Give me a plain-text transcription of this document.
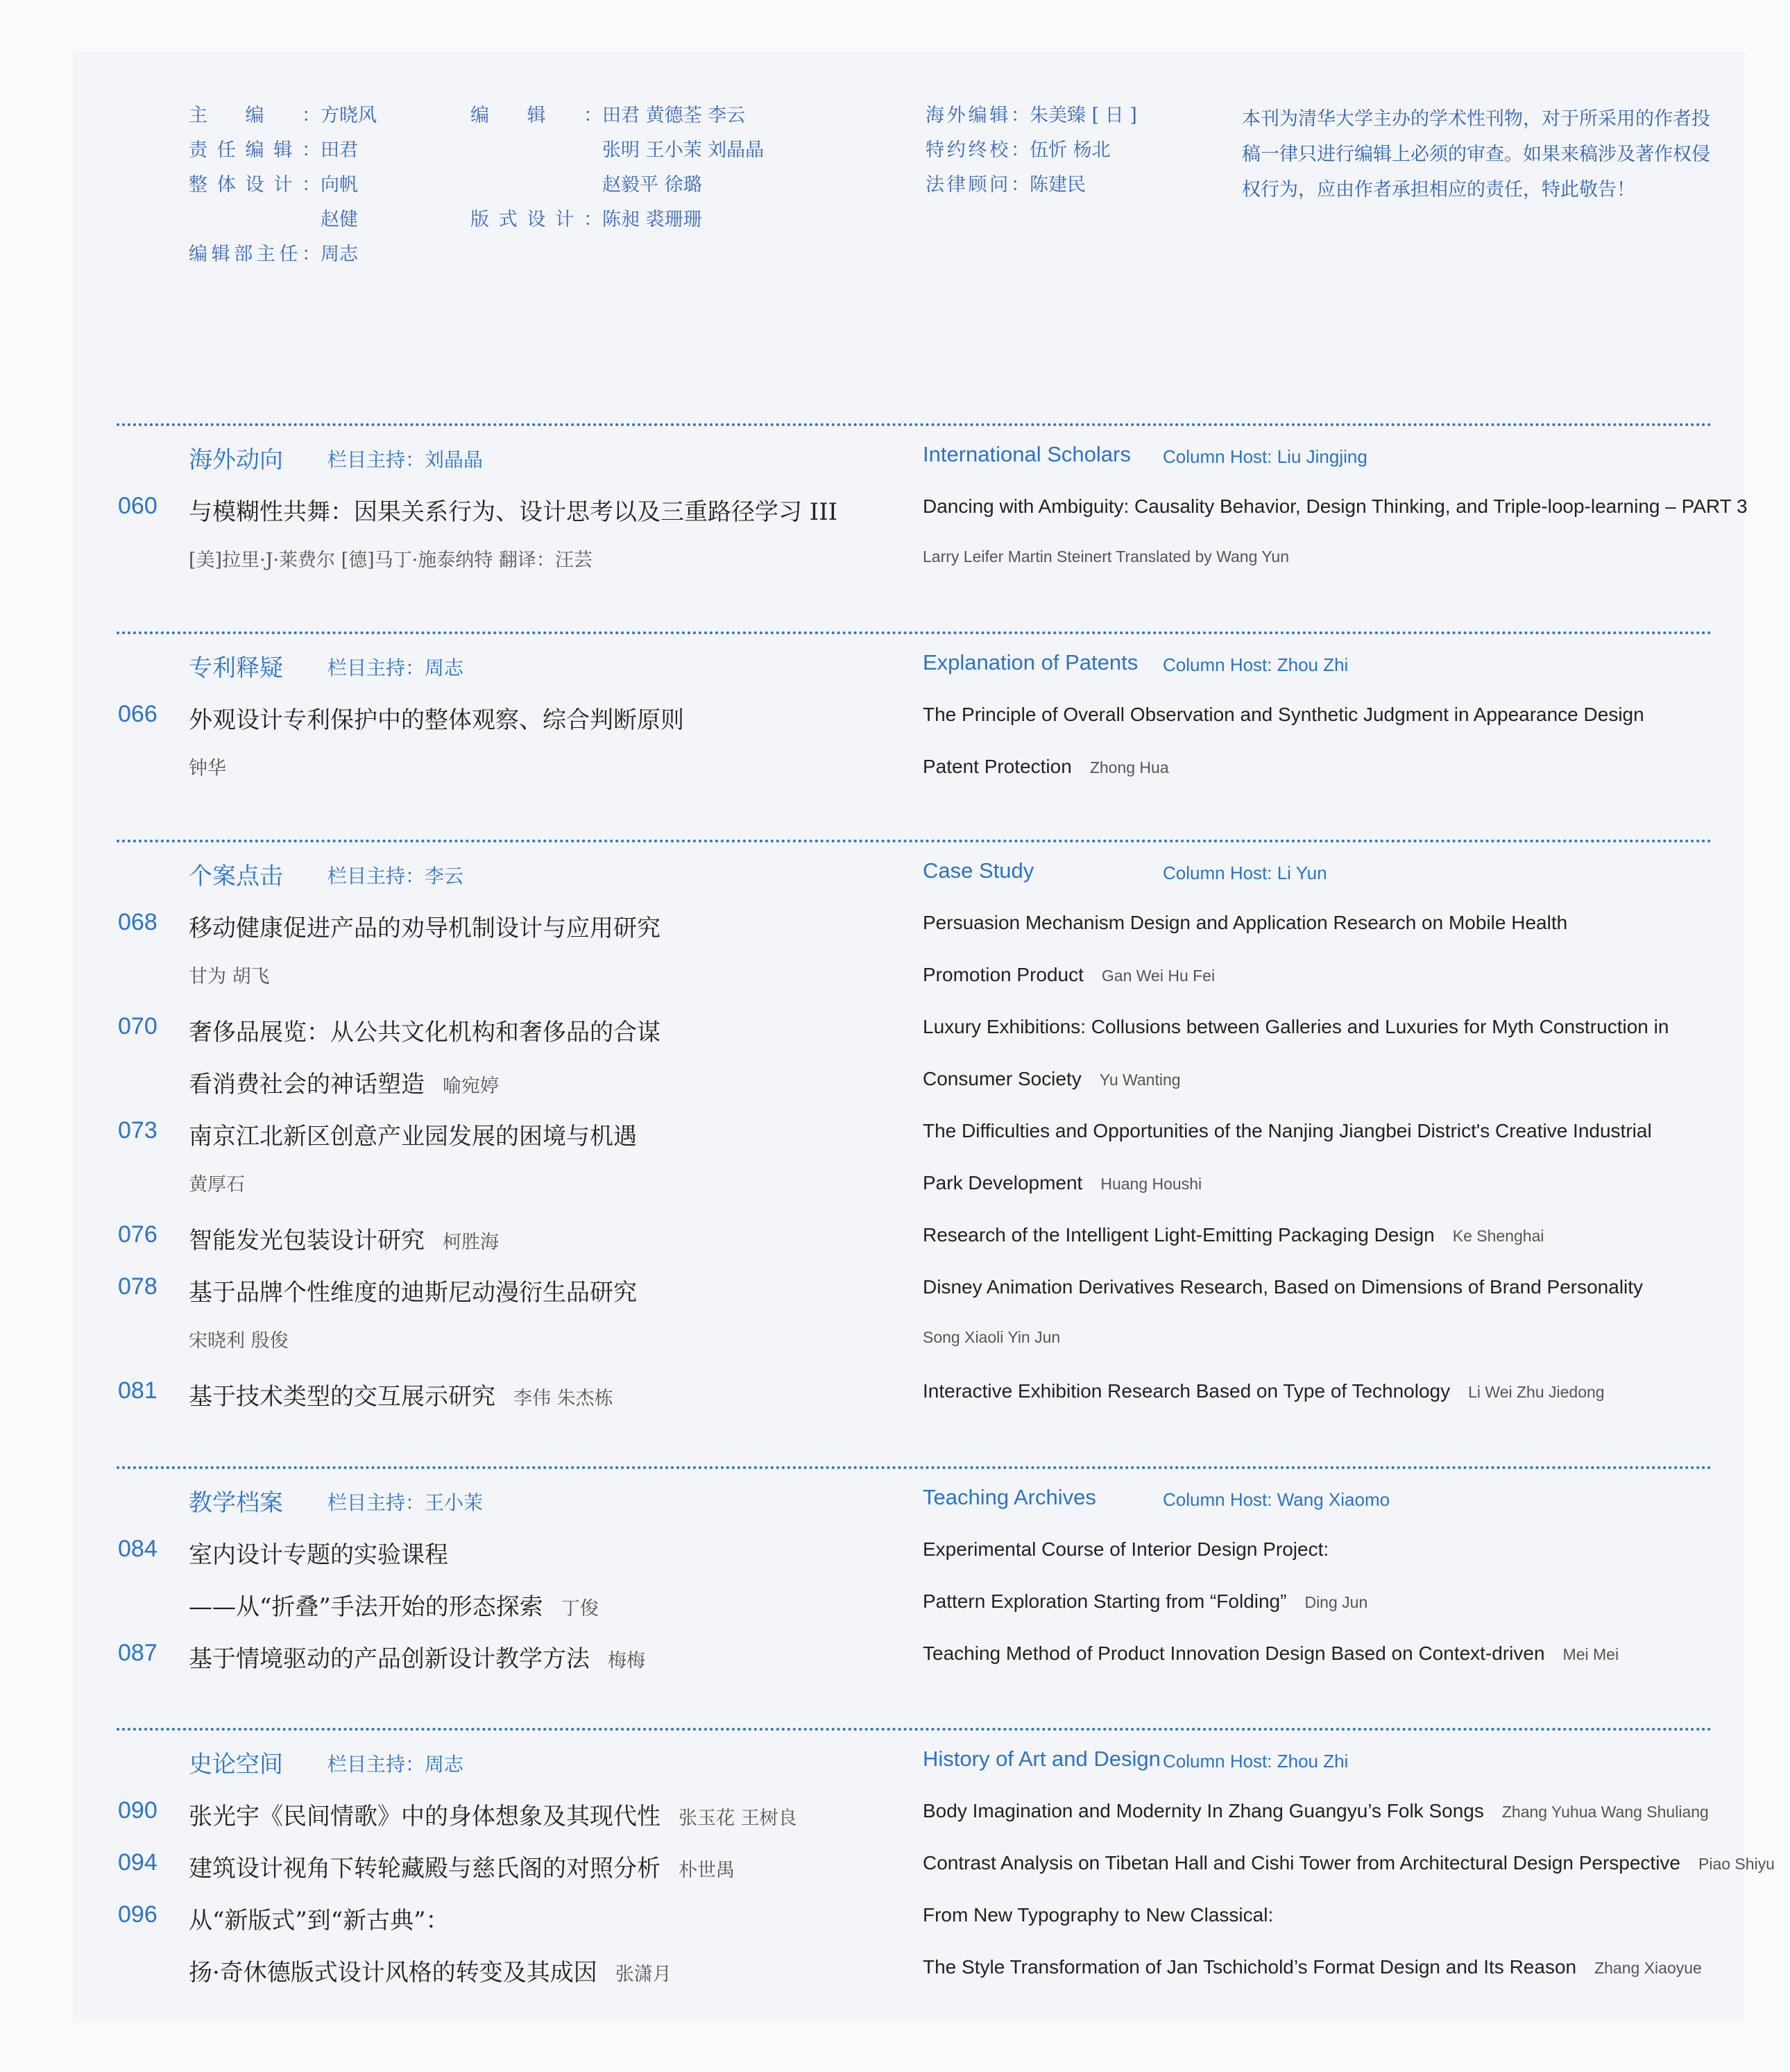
主编：方晓风
责任编辑：田君
整体设计：向帆
赵健
编辑部主任：周志
编辑：田君 黄德荃 李云
张明 王小茉 刘晶晶
赵毅平 徐璐
版式设计：陈昶 裘珊珊
海外编辑：朱美臻 [ 日 ]
特约终校：伍忻 杨北
法律顾问：陈建民
本刊为清华大学主办的学术性刊物，对于所采用的作者投稿一律只进行编辑上必须的审查。如果来稿涉及著作权侵权行为，应由作者承担相应的责任，特此敬告！
海外动向 栏目主持：刘晶晶	International Scholars Column Host: Liu Jingjing
060 与模糊性共舞：因果关系行为、设计思考以及三重路径学习 III	Dancing with Ambiguity: Causality Behavior, Design Thinking, and Triple-loop-learning – PART 3
[美]拉里·J·莱费尔 [德]马丁·施泰纳特 翻译：汪芸	Larry Leifer Martin Steinert Translated by Wang Yun
专利释疑 栏目主持：周志	Explanation of Patents Column Host: Zhou Zhi
066 外观设计专利保护中的整体观察、综合判断原则	The Principle of Overall Observation and Synthetic Judgment in Appearance Design
钟华	Patent Protection Zhong Hua
个案点击 栏目主持：李云	Case Study	Column Host: Li Yun
068 移动健康促进产品的劝导机制设计与应用研究	Persuasion Mechanism Design and Application Research on Mobile Health
甘为 胡飞	Promotion Product Gan Wei Hu Fei
070 奢侈品展览：从公共文化机构和奢侈品的合谋	Luxury Exhibitions: Collusions between Galleries and Luxuries for Myth Construction in
看消费社会的神话塑造 喻宛婷	Consumer Society Yu Wanting
073 南京江北新区创意产业园发展的困境与机遇	The Difficulties and Opportunities of the Nanjing Jiangbei District's Creative Industrial
黄厚石	Park Development Huang Houshi
076 智能发光包装设计研究 柯胜海	Research of the Intelligent Light-Emitting Packaging Design Ke Shenghai
078 基于品牌个性维度的迪斯尼动漫衍生品研究	Disney Animation Derivatives Research, Based on Dimensions of Brand Personality
宋晓利 殷俊	Song Xiaoli Yin Jun
081 基于技术类型的交互展示研究 李伟 朱杰栋	Interactive Exhibition Research Based on Type of Technology Li Wei Zhu Jiedong
教学档案 栏目主持：王小茉	Teaching Archives	Column Host: Wang Xiaomo
084 室内设计专题的实验课程	Experimental Course of Interior Design Project:
——从“折叠”手法开始的形态探索 丁俊	Pattern Exploration Starting from “Folding” Ding Jun
087 基于情境驱动的产品创新设计教学方法 梅梅	Teaching Method of Product Innovation Design Based on Context-driven Mei Mei
史论空间 栏目主持：周志	History of Art and Design Column Host: Zhou Zhi
090 张光宇《民间情歌》中的身体想象及其现代性 张玉花 王树良	Body Imagination and Modernity In Zhang Guangyu’s Folk Songs Zhang Yuhua Wang Shuliang
094 建筑设计视角下转轮藏殿与慈氏阁的对照分析 朴世禺	Contrast Analysis on Tibetan Hall and Cishi Tower from Architectural Design Perspective Piao Shiyu
096 从“新版式”到“新古典”：	From New Typography to New Classical:
扬·奇休德版式设计风格的转变及其成因 张潇月	The Style Transformation of Jan Tschichold’s Format Design and Its Reason Zhang Xiaoyue
